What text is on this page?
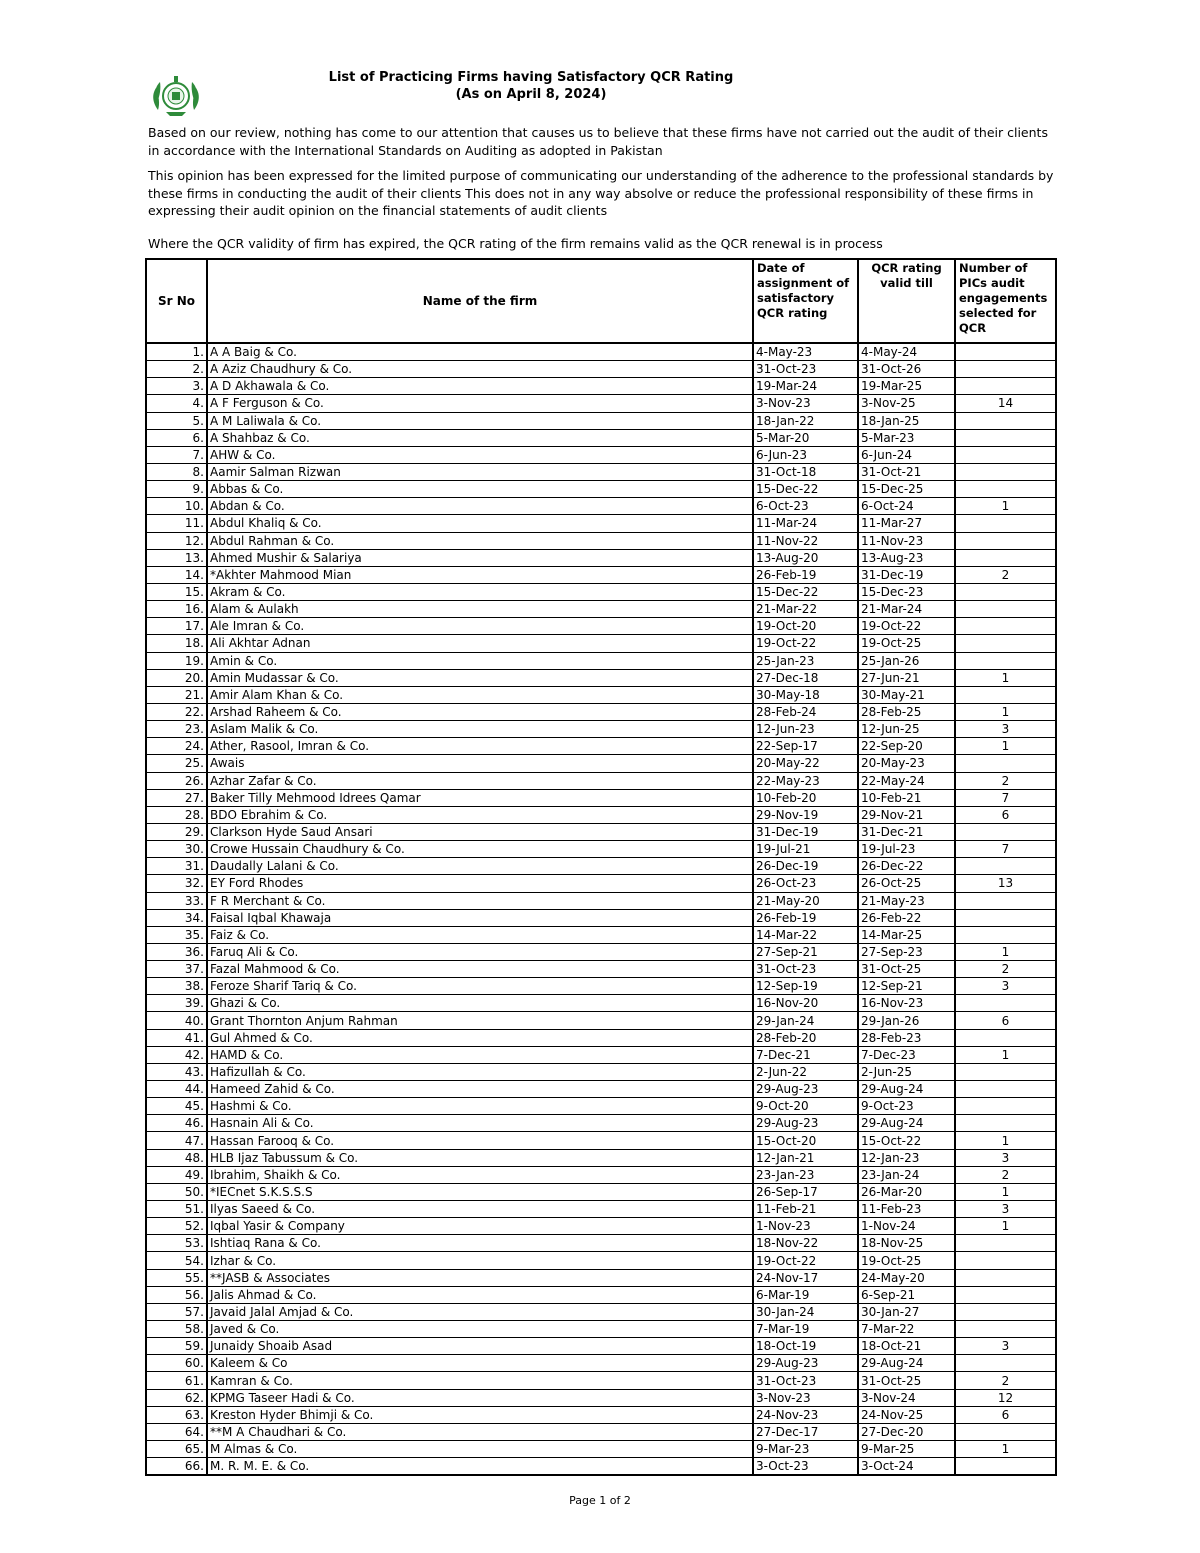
List of Practicing Firms having Satisfactory QCR Rating
(As on April 8, 2024)
Based on our review, nothing has come to our attention that causes us to believe that these firms have not carried out the audit of their clients in accordance with the International Standards on Auditing as adopted in Pakistan
This opinion has been expressed for the limited purpose of communicating our understanding of the adherence to the professional standards by these firms in conducting the audit of their clients This does not in any way absolve or reduce the professional responsibility of these firms in expressing their audit opinion on the financial statements of audit clients
Where the QCR validity of firm has expired, the QCR rating of the firm remains valid as the QCR renewal is in process
Sr No	Name of the firm	Date of assignment of satisfactory QCR rating	QCR rating valid till	Number of PICs audit engagements selected for QCR
1.	A A Baig & Co.	4-May-23	4-May-24	
2.	A Aziz Chaudhury & Co.	31-Oct-23	31-Oct-26	
3.	A D Akhawala & Co.	19-Mar-24	19-Mar-25	
4.	A F Ferguson & Co.	3-Nov-23	3-Nov-25	14
5.	A M Laliwala & Co.	18-Jan-22	18-Jan-25	
6.	A Shahbaz & Co.	5-Mar-20	5-Mar-23	
7.	AHW & Co.	6-Jun-23	6-Jun-24	
8.	Aamir Salman Rizwan	31-Oct-18	31-Oct-21	
9.	Abbas & Co.	15-Dec-22	15-Dec-25	
10.	Abdan & Co.	6-Oct-23	6-Oct-24	1
11.	Abdul Khaliq & Co.	11-Mar-24	11-Mar-27	
12.	Abdul Rahman & Co.	11-Nov-22	11-Nov-23	
13.	Ahmed Mushir & Salariya	13-Aug-20	13-Aug-23	
14.	*Akhter Mahmood Mian	26-Feb-19	31-Dec-19	2
15.	Akram & Co.	15-Dec-22	15-Dec-23	
16.	Alam & Aulakh	21-Mar-22	21-Mar-24	
17.	Ale Imran & Co.	19-Oct-20	19-Oct-22	
18.	Ali Akhtar Adnan	19-Oct-22	19-Oct-25	
19.	Amin & Co.	25-Jan-23	25-Jan-26	
20.	Amin Mudassar & Co.	27-Dec-18	27-Jun-21	1
21.	Amir Alam Khan & Co.	30-May-18	30-May-21	
22.	Arshad Raheem & Co.	28-Feb-24	28-Feb-25	1
23.	Aslam Malik & Co.	12-Jun-23	12-Jun-25	3
24.	Ather, Rasool, Imran & Co.	22-Sep-17	22-Sep-20	1
25.	Awais	20-May-22	20-May-23	
26.	Azhar Zafar & Co.	22-May-23	22-May-24	2
27.	Baker Tilly Mehmood Idrees Qamar	10-Feb-20	10-Feb-21	7
28.	BDO Ebrahim & Co.	29-Nov-19	29-Nov-21	6
29.	Clarkson Hyde Saud Ansari	31-Dec-19	31-Dec-21	
30.	Crowe Hussain Chaudhury & Co.	19-Jul-21	19-Jul-23	7
31.	Daudally Lalani & Co.	26-Dec-19	26-Dec-22	
32.	EY Ford Rhodes	26-Oct-23	26-Oct-25	13
33.	F R Merchant & Co.	21-May-20	21-May-23	
34.	Faisal Iqbal Khawaja	26-Feb-19	26-Feb-22	
35.	Faiz & Co.	14-Mar-22	14-Mar-25	
36.	Faruq Ali & Co.	27-Sep-21	27-Sep-23	1
37.	Fazal Mahmood & Co.	31-Oct-23	31-Oct-25	2
38.	Feroze Sharif Tariq & Co.	12-Sep-19	12-Sep-21	3
39.	Ghazi & Co.	16-Nov-20	16-Nov-23	
40.	Grant Thornton Anjum Rahman	29-Jan-24	29-Jan-26	6
41.	Gul Ahmed & Co.	28-Feb-20	28-Feb-23	
42.	HAMD & Co.	7-Dec-21	7-Dec-23	1
43.	Hafizullah & Co.	2-Jun-22	2-Jun-25	
44.	Hameed Zahid & Co.	29-Aug-23	29-Aug-24	
45.	Hashmi & Co.	9-Oct-20	9-Oct-23	
46.	Hasnain Ali & Co.	29-Aug-23	29-Aug-24	
47.	Hassan Farooq & Co.	15-Oct-20	15-Oct-22	1
48.	HLB Ijaz Tabussum & Co.	12-Jan-21	12-Jan-23	3
49.	Ibrahim, Shaikh & Co.	23-Jan-23	23-Jan-24	2
50.	*IECnet S.K.S.S.S	26-Sep-17	26-Mar-20	1
51.	Ilyas Saeed & Co.	11-Feb-21	11-Feb-23	3
52.	Iqbal Yasir & Company	1-Nov-23	1-Nov-24	1
53.	Ishtiaq Rana & Co.	18-Nov-22	18-Nov-25	
54.	Izhar & Co.	19-Oct-22	19-Oct-25	
55.	**JASB & Associates	24-Nov-17	24-May-20	
56.	Jalis Ahmad & Co.	6-Mar-19	6-Sep-21	
57.	Javaid Jalal Amjad & Co.	30-Jan-24	30-Jan-27	
58.	Javed & Co.	7-Mar-19	7-Mar-22	
59.	Junaidy Shoaib Asad	18-Oct-19	18-Oct-21	3
60.	Kaleem & Co	29-Aug-23	29-Aug-24	
61.	Kamran & Co.	31-Oct-23	31-Oct-25	2
62.	KPMG Taseer Hadi & Co.	3-Nov-23	3-Nov-24	12
63.	Kreston Hyder Bhimji & Co.	24-Nov-23	24-Nov-25	6
64.	**M A Chaudhari & Co.	27-Dec-17	27-Dec-20	
65.	M Almas & Co.	9-Mar-23	9-Mar-25	1
66.	M. R. M. E. & Co.	3-Oct-23	3-Oct-24	
Page 1 of 2
